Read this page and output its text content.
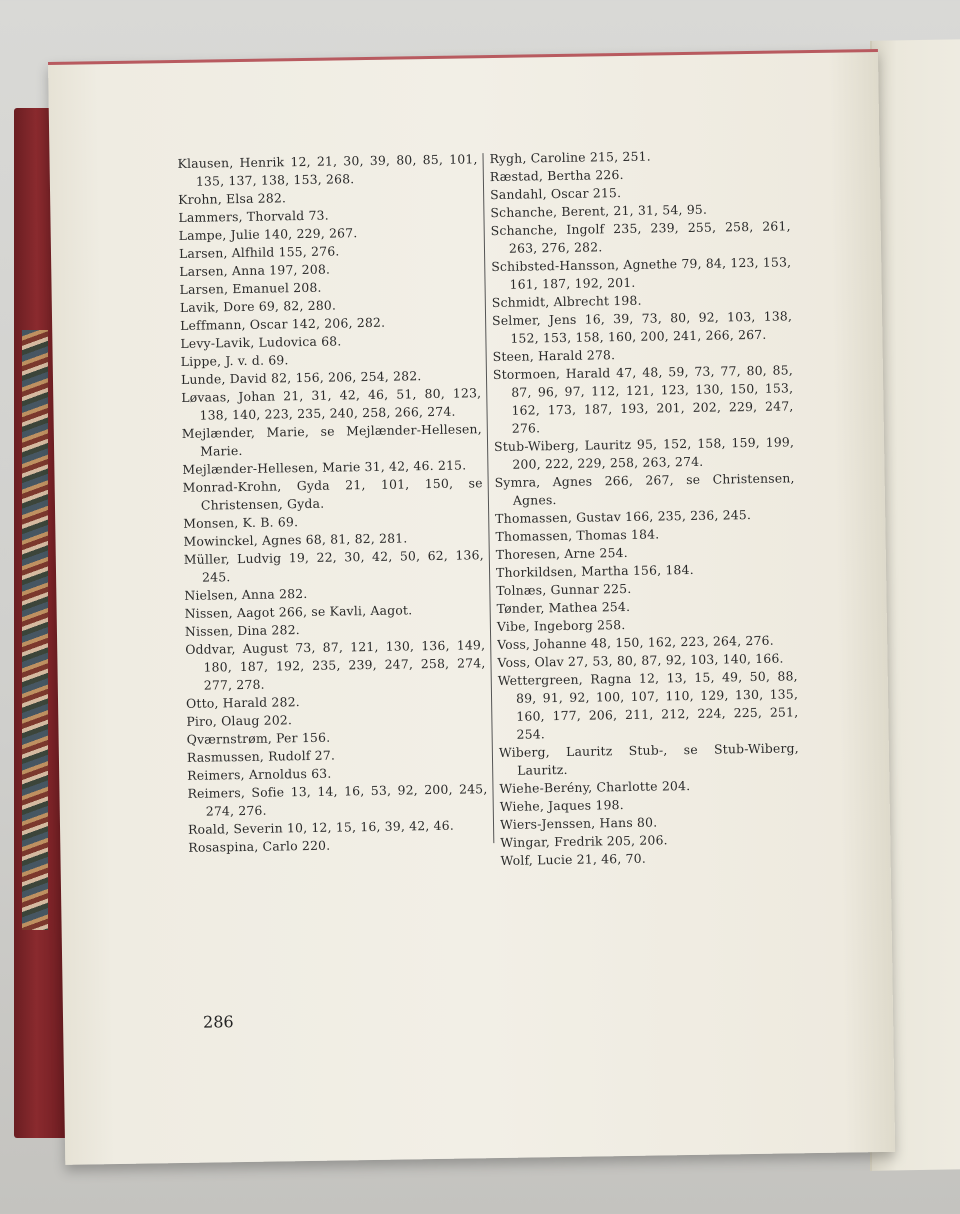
Klausen, Henrik 12, 21, 30, 39, 80, 85, 101, 135, 137, 138, 153, 268.

Krohn, Elsa 282.

Lammers, Thorvald 73.

Lampe, Julie 140, 229, 267.

Larsen, Alfhild 155, 276.

Larsen, Anna 197, 208.

Larsen, Emanuel 208.

Lavik, Dore 69, 82, 280.

Leffmann, Oscar 142, 206, 282.

Levy-Lavik, Ludovica 68.

Lippe, J. v. d. 69.

Lunde, David 82, 156, 206, 254, 282.

Løvaas, Johan 21, 31, 42, 46, 51, 80, 123, 138, 140, 223, 235, 240, 258, 266, 274.

Mejlænder, Marie, se Mejlænder-Hellesen, Marie.

Mejlænder-Hellesen, Marie 31, 42, 46. 215.

Monrad-Krohn, Gyda 21, 101, 150, se Christensen, Gyda.

Monsen, K. B. 69.

Mowinckel, Agnes 68, 81, 82, 281.

Müller, Ludvig 19, 22, 30, 42, 50, 62, 136, 245.

Nielsen, Anna 282.

Nissen, Aagot 266, se Kavli, Aagot.

Nissen, Dina 282.

Oddvar, August 73, 87, 121, 130, 136, 149, 180, 187, 192, 235, 239, 247, 258, 274, 277, 278.

Otto, Harald 282.

Piro, Olaug 202.

Qværnstrøm, Per 156.

Rasmussen, Rudolf 27.

Reimers, Arnoldus 63.

Reimers, Sofie 13, 14, 16, 53, 92, 200, 245, 274, 276.

Roald, Severin 10, 12, 15, 16, 39, 42, 46.

Rosaspina, Carlo 220.

Rygh, Caroline 215, 251.

Ræstad, Bertha 226.

Sandahl, Oscar 215.

Schanche, Berent, 21, 31, 54, 95.

Schanche, Ingolf 235, 239, 255, 258, 261, 263, 276, 282.

Schibsted-Hansson, Agnethe 79, 84, 123, 153, 161, 187, 192, 201.

Schmidt, Albrecht 198.

Selmer, Jens 16, 39, 73, 80, 92, 103, 138, 152, 153, 158, 160, 200, 241, 266, 267.

Steen, Harald 278.

Stormoen, Harald 47, 48, 59, 73, 77, 80, 85, 87, 96, 97, 112, 121, 123, 130, 150, 153, 162, 173, 187, 193, 201, 202, 229, 247, 276.

Stub-Wiberg, Lauritz 95, 152, 158, 159, 199, 200, 222, 229, 258, 263, 274.

Symra, Agnes 266, 267, se Christensen, Agnes.

Thomassen, Gustav 166, 235, 236, 245.

Thomassen, Thomas 184.

Thoresen, Arne 254.

Thorkildsen, Martha 156, 184.

Tolnæs, Gunnar 225.

Tønder, Mathea 254.

Vibe, Ingeborg 258.

Voss, Johanne 48, 150, 162, 223, 264, 276.

Voss, Olav 27, 53, 80, 87, 92, 103, 140, 166.

Wettergreen, Ragna 12, 13, 15, 49, 50, 88, 89, 91, 92, 100, 107, 110, 129, 130, 135, 160, 177, 206, 211, 212, 224, 225, 251, 254.

Wiberg, Lauritz Stub-, se Stub-Wiberg, Lauritz.

Wiehe-Berény, Charlotte 204.

Wiehe, Jaques 198.

Wiers-Jenssen, Hans 80.

Wingar, Fredrik 205, 206.

Wolf, Lucie 21, 46, 70.

286
